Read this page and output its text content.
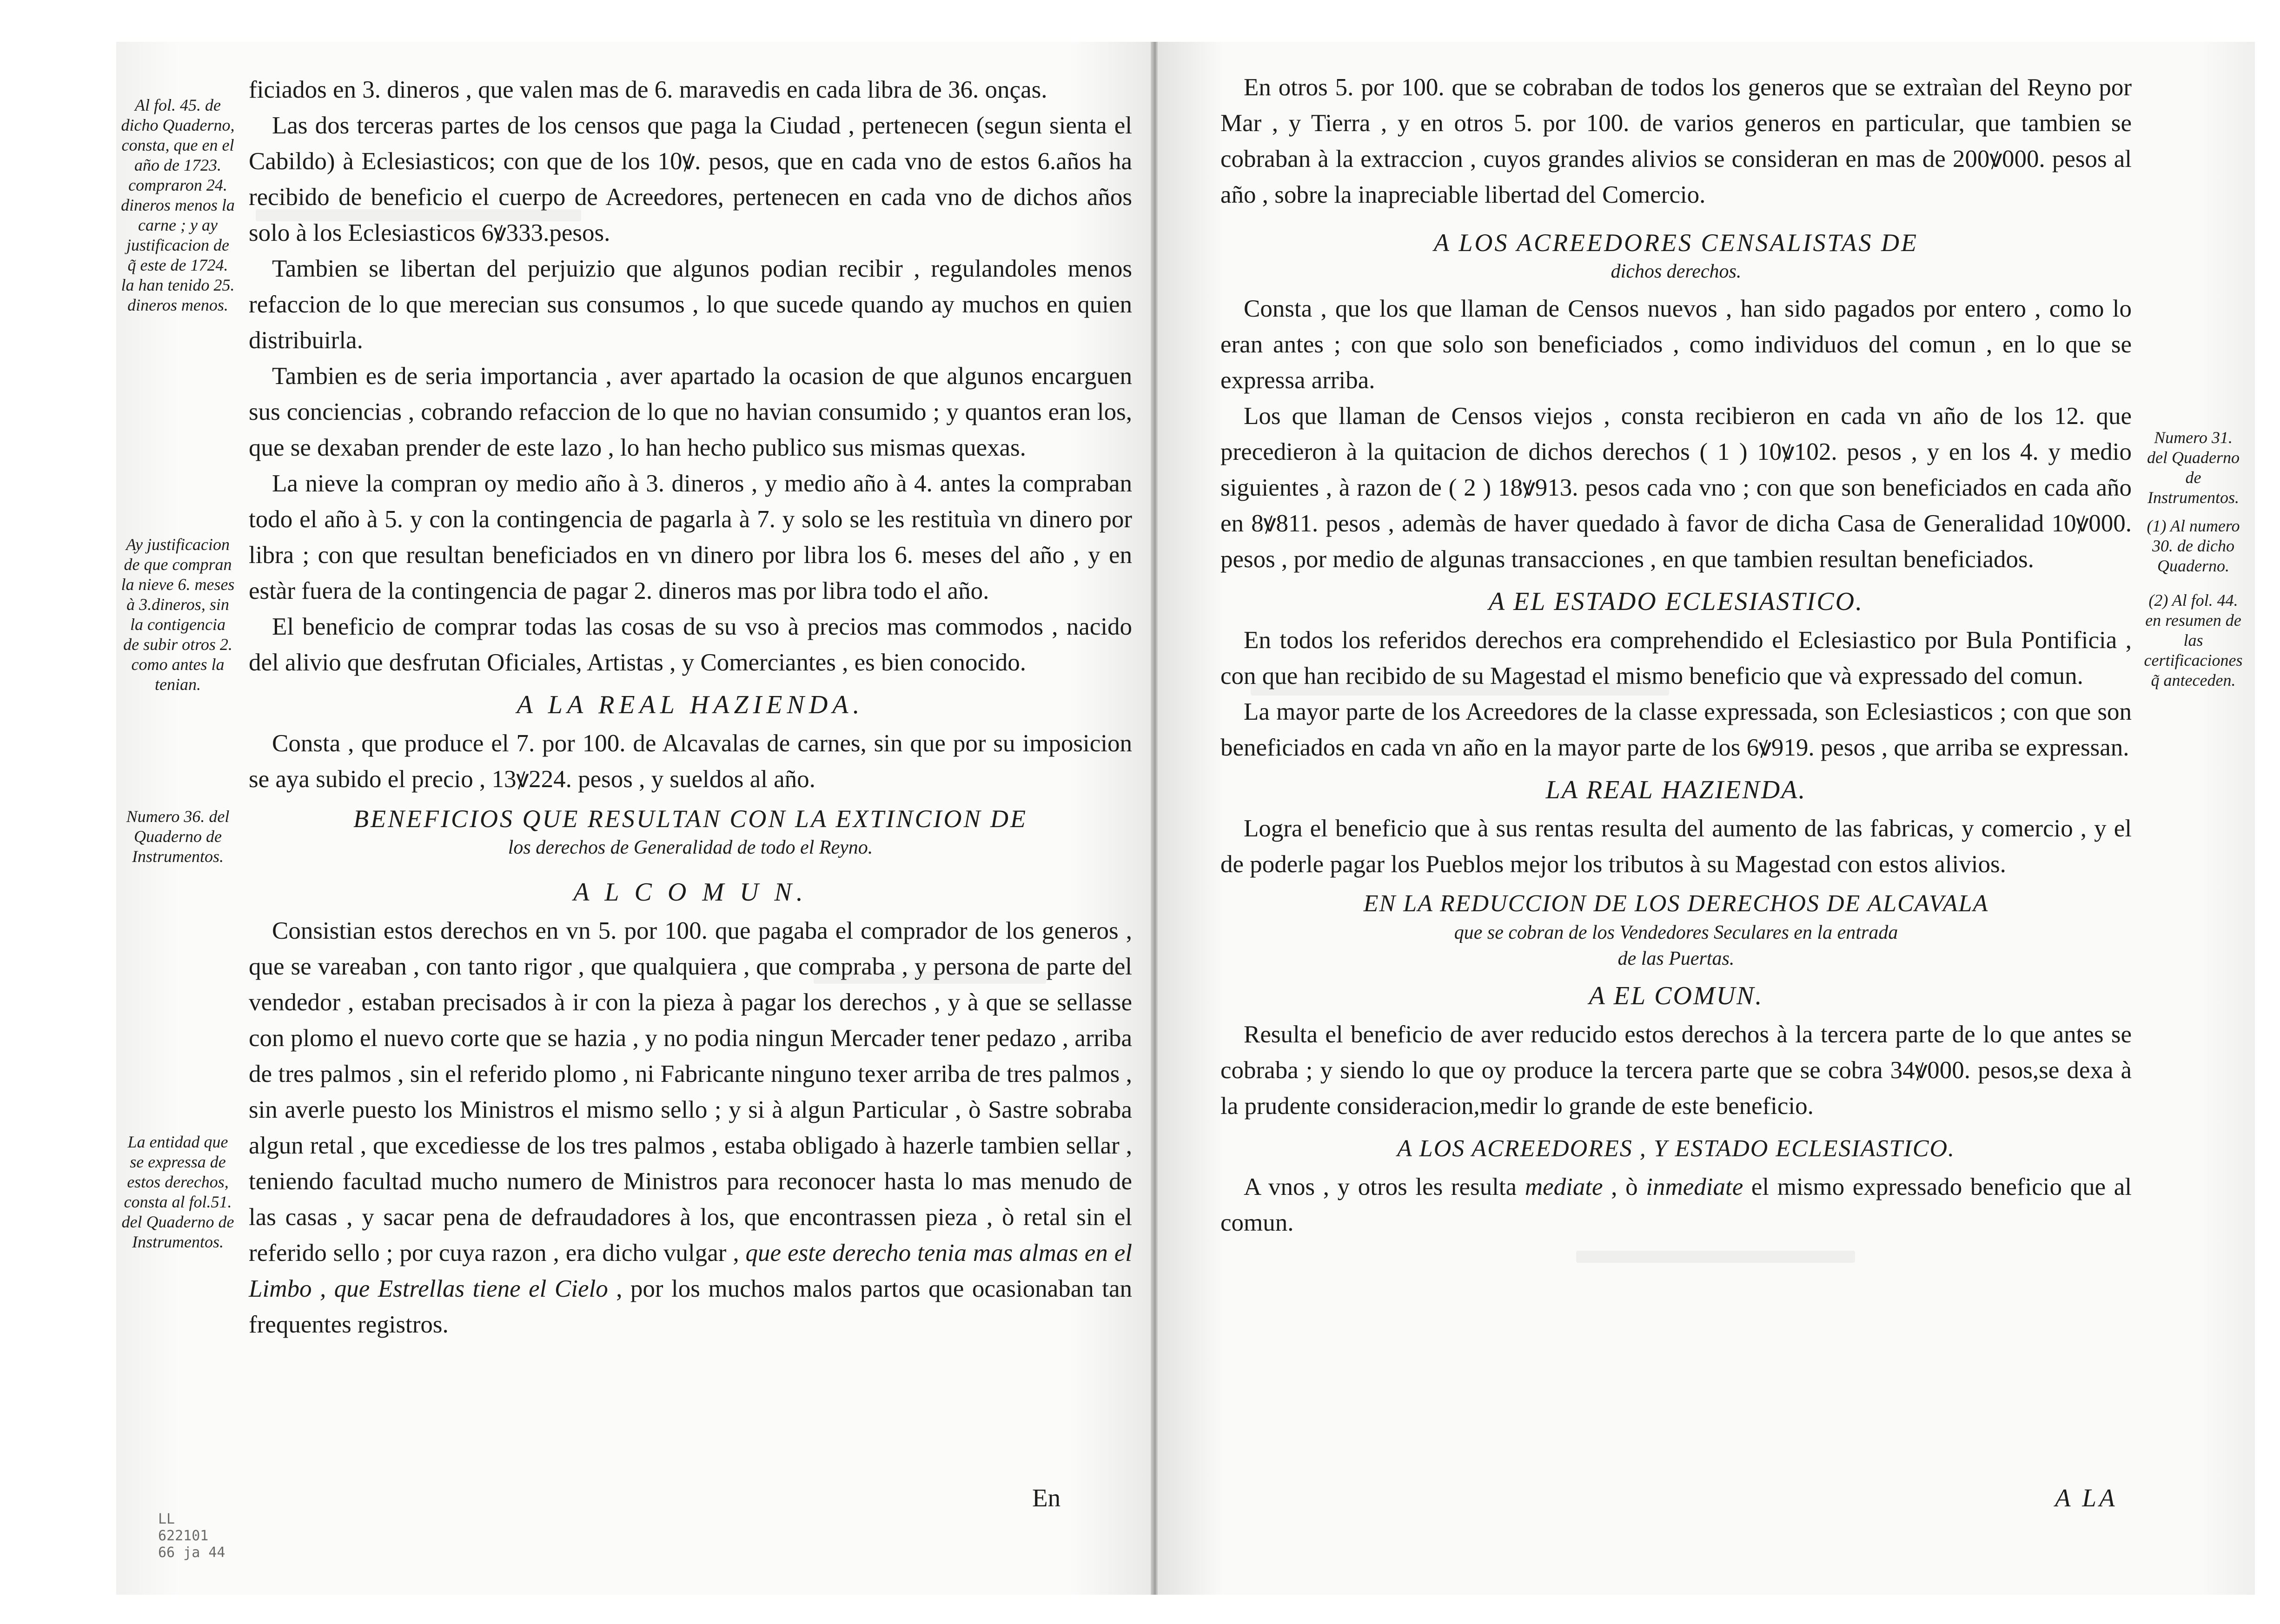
Al fol. 45. de dicho Quaderno, consta, que en el año de 1723. compraron 24. dineros menos la carne ; y ay justificacion de q̃ este de 1724. la han tenido 25. dineros menos.
Ay justificacion de que compran la nieve 6. meses à 3.dineros, sin la contigencia de subir otros 2. como antes la tenian.
Numero 36. del Quaderno de Instrumentos.
La entidad que se expressa de estos derechos, consta al fol.51. del Quaderno de Instrumentos.

ficiados en 3. dineros , que valen mas de 6. maravedis en cada libra de 36. onças.

Las dos terceras partes de los censos que paga la Ciudad , pertenecen (segun sienta el Cabildo) à Eclesiasticos; con que de los 10ꝟ. pesos, que en cada vno de estos 6.años ha recibido de beneficio el cuerpo de Acreedores, pertenecen en cada vno de dichos años solo à los Eclesiasticos 6ꝟ333.pesos.

Tambien se libertan del perjuizio que algunos podian recibir , regulandoles menos refaccion de lo que merecian sus consumos , lo que sucede quando ay muchos en quien distribuirla.

Tambien es de seria importancia , aver apartado la ocasion de que algunos encarguen sus conciencias , cobrando refaccion de lo que no havian consumido ; y quantos eran los, que se dexaban prender de este lazo , lo han hecho publico sus mismas quexas.

La nieve la compran oy medio año à 3. dineros , y medio año à 4. antes la compraban todo el año à 5. y con la contingencia de pagarla à 7. y solo se les restituìa vn dinero por libra ; con que resultan beneficiados en vn dinero por libra los 6. meses del año , y en estàr fuera de la contingencia de pagar 2. dineros mas por libra todo el año.

El beneficio de comprar todas las cosas de su vso à precios mas commodos , nacido del alivio que desfrutan Oficiales, Artistas , y Comerciantes , es bien conocido.

A LA REAL HAZIENDA.

Consta , que produce el 7. por 100. de Alcavalas de carnes, sin que por su imposicion se aya subido el precio , 13ꝟ224. pesos , y sueldos al año.

BENEFICIOS QUE RESULTAN CON LA EXTINCION DE
los derechos de Generalidad de todo el Reyno.
A L C O M U N.

Consistian estos derechos en vn 5. por 100. que pagaba el comprador de los generos , que se vareaban , con tanto rigor , que qualquiera , que compraba , y persona de parte del vendedor , estaban precisados à ir con la pieza à pagar los derechos , y à que se sellasse con plomo el nuevo corte que se hazia , y no podia ningun Mercader tener pedazo , arriba de tres palmos , sin el referido plomo , ni Fabricante ninguno texer arriba de tres palmos , sin averle puesto los Ministros el mismo sello ; y si à algun Particular , ò Sastre sobraba algun retal , que excediesse de los tres palmos , estaba obligado à hazerle tambien sellar , teniendo facultad mucho numero de Ministros para reconocer hasta lo mas menudo de las casas , y sacar pena de defraudadores à los, que encontrassen pieza , ò retal sin el referido sello ; por cuya razon , era dicho vulgar , que este derecho tenia mas almas en el Limbo , que Estrellas tiene el Cielo , por los muchos malos partos que ocasionaban tan frequentes registros.

En
LL
622101
66 ja 44

En otros 5. por 100. que se cobraban de todos los generos que se extraìan del Reyno por Mar , y Tierra , y en otros 5. por 100. de varios generos en particular, que tambien se cobraban à la extraccion , cuyos grandes alivios se consideran en mas de 200ꝟ000. pesos al año , sobre la inapreciable libertad del Comercio.

A LOS ACREEDORES CENSALISTAS DE
dichos derechos.

Consta , que los que llaman de Censos nuevos , han sido pagados por entero , como lo eran antes ; con que solo son beneficiados , como individuos del comun , en lo que se expressa arriba.

Los que llaman de Censos viejos , consta recibieron en cada vn año de los 12. que precedieron à la quitacion de dichos derechos ( 1 ) 10ꝟ102. pesos , y en los 4. y medio siguientes , à razon de ( 2 ) 18ꝟ913. pesos cada vno ; con que son beneficiados en cada año en 8ꝟ811. pesos , ademàs de haver quedado à favor de dicha Casa de Generalidad 10ꝟ000. pesos , por medio de algunas transacciones , en que tambien resultan beneficiados.

A EL ESTADO ECLESIASTICO.

En todos los referidos derechos era comprehendido el Eclesiastico por Bula Pontificia , con que han recibido de su Magestad el mismo beneficio que và expressado del comun.

La mayor parte de los Acreedores de la classe expressada, son Eclesiasticos ; con que son beneficiados en cada vn año en la mayor parte de los 6ꝟ919. pesos , que arriba se expressan.

LA REAL HAZIENDA.

Logra el beneficio que à sus rentas resulta del aumento de las fabricas, y comercio , y el de poderle pagar los Pueblos mejor los tributos à su Magestad con estos alivios.

EN LA REDUCCION DE LOS DERECHOS DE ALCAVALA
que se cobran de los Vendedores Seculares en la entrada
de las Puertas.
A EL COMUN.

Resulta el beneficio de aver reducido estos derechos à la tercera parte de lo que antes se cobraba ; y siendo lo que oy produce la tercera parte que se cobra 34ꝟ000. pesos,se dexa à la prudente consideracion,medir lo grande de este beneficio.

A LOS ACREEDORES , Y ESTADO ECLESIASTICO.

A vnos , y otros les resulta mediate , ò inmediate el mismo expressado beneficio que al comun.

A LA
Numero 31. del Quaderno de Instrumentos.
(1) Al numero 30. de dicho Quaderno.
(2) Al fol. 44. en resumen de las certificaciones q̃ anteceden.
